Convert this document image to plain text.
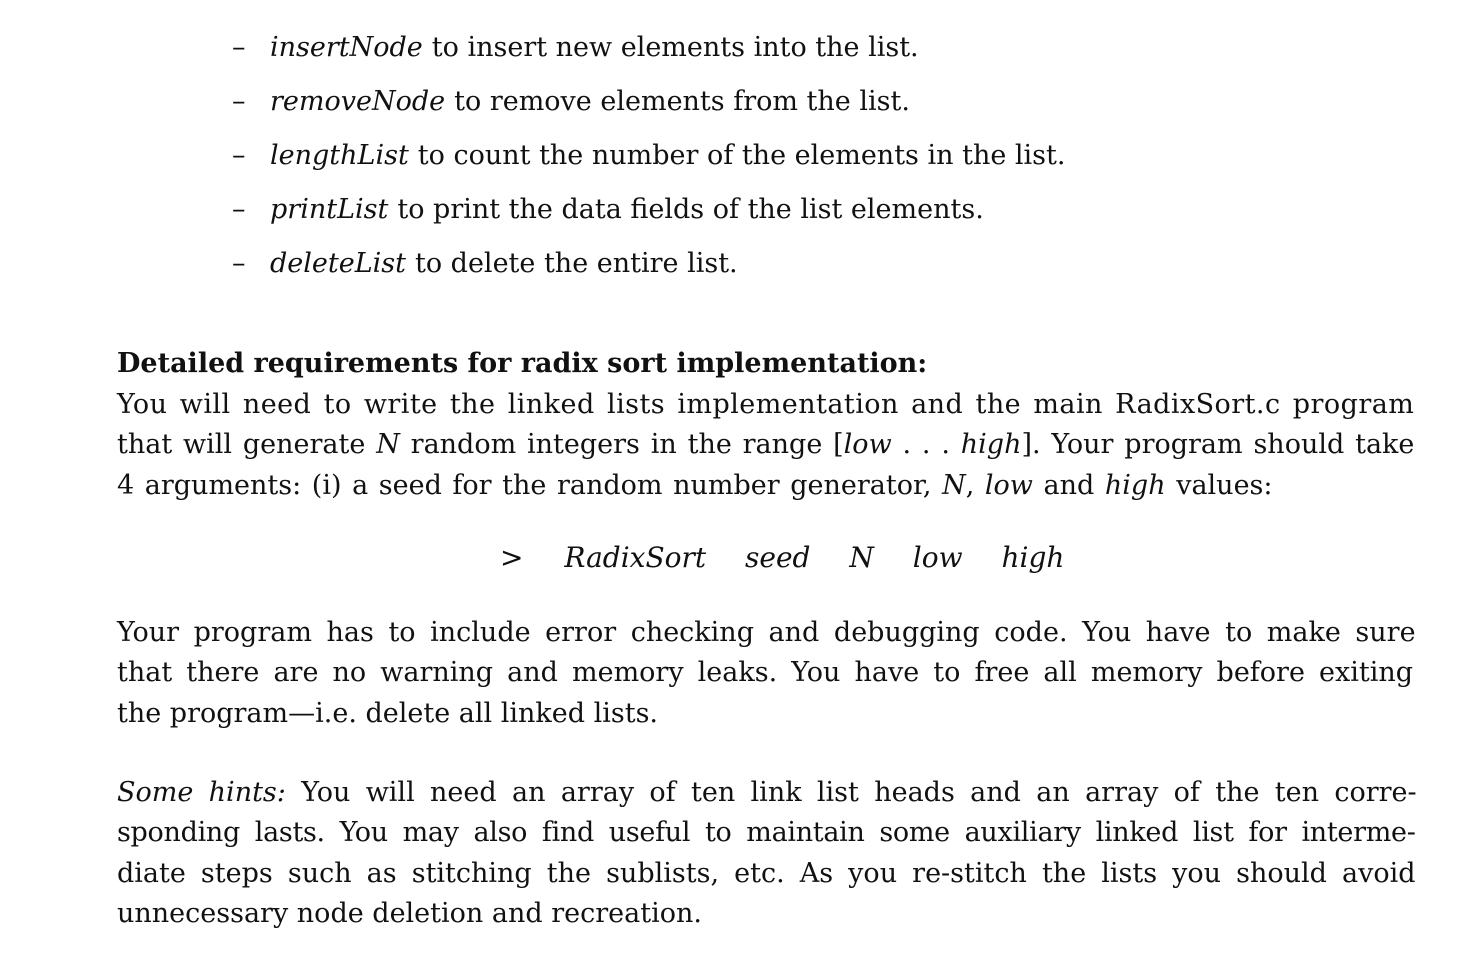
– insertNode to insert new elements into the list.
– removeNode to remove elements from the list.
– lengthList to count the number of the elements in the list.
– printList to print the data fields of the list elements.
– deleteList to delete the entire list.
Detailed requirements for radix sort implementation:
You will need to write the linked lists implementation and the main RadixSort.c program
that will generate N random integers in the range [low . . . high]. Your program should take
4 arguments: (i) a seed for the random number generator, N, low and high values:
> RadixSort seed N low high
Your program has to include error checking and debugging code. You have to make sure
that there are no warning and memory leaks. You have to free all memory before exiting
the program—i.e. delete all linked lists.
Some hints: You will need an array of ten link list heads and an array of the ten corre-
sponding lasts. You may also find useful to maintain some auxiliary linked list for interme-
diate steps such as stitching the sublists, etc. As you re-stitch the lists you should avoid
unnecessary node deletion and recreation.
